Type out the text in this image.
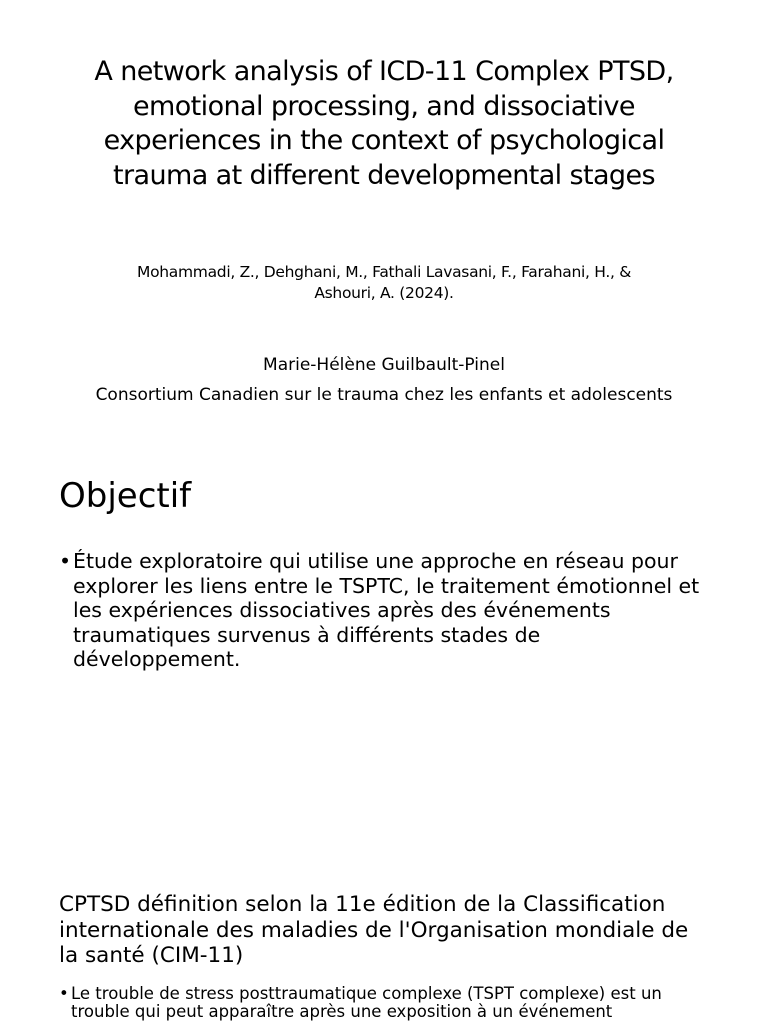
A network analysis of ICD-11 Complex PTSD, emotional processing, and dissociative experiences in the context of psychological trauma at different developmental stages
Mohammadi, Z., Dehghani, M., Fathali Lavasani, F., Farahani, H., & Ashouri, A. (2024).
Marie-Hélène Guilbault-Pinel
Consortium Canadien sur le trauma chez les enfants et adolescents
Objectif
• Étude exploratoire qui utilise une approche en réseau pour explorer les liens entre le TSPTC, le traitement émotionnel et les expériences dissociatives après des événements traumatiques survenus à différents stades de développement.
CPTSD définition selon la 11e édition de la Classification internationale des maladies de l'Organisation mondiale de la santé (CIM-11)
• Le trouble de stress posttraumatique complexe (TSPT complexe) est un trouble qui peut apparaître après une exposition à un événement
